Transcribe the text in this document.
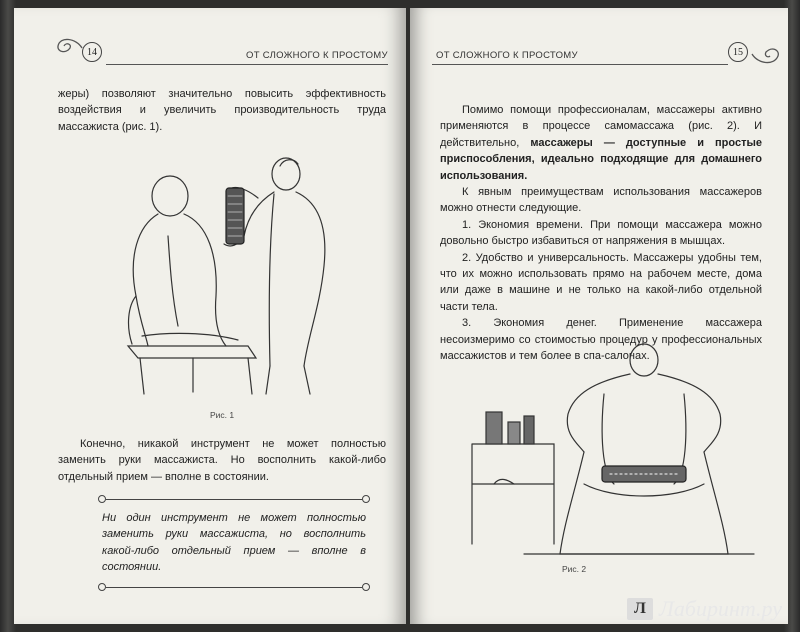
14	ОТ СЛОЖНОГО К ПРОСТОМУ

жеры) позволяют значительно повысить эффективность воздействия и увеличить производительность труда массажиста (рис. 1).

Рис. 1

Конечно, никакой инструмент не может полностью заменить руки массажиста. Но восполнить какой-либо отдельный прием — вполне в состоянии.

Ни один инструмент не может полностью заменить руки массажиста, но восполнить какой-либо отдельный прием — вполне в состоянии.

ОТ СЛОЖНОГО К ПРОСТОМУ	15

Помимо помощи профессионалам, массажеры активно применяются в процессе самомассажа (рис. 2). И действительно, массажеры — доступные и простые приспособления, идеально подходящие для домашнего использования.

К явным преимуществам использования массажеров можно отнести следующие.

1. Экономия времени. При помощи массажера можно довольно быстро избавиться от напряжения в мышцах.

2. Удобство и универсальность. Массажеры удобны тем, что их можно использовать прямо на рабочем месте, дома или даже в машине и не только на какой-либо отдельной части тела.

3. Экономия денег. Применение массажера несоизмеримо со стоимостью процедур у профессиональных массажистов и тем более в спа-салонах.

Рис. 2
Л Лабиринт.ру
